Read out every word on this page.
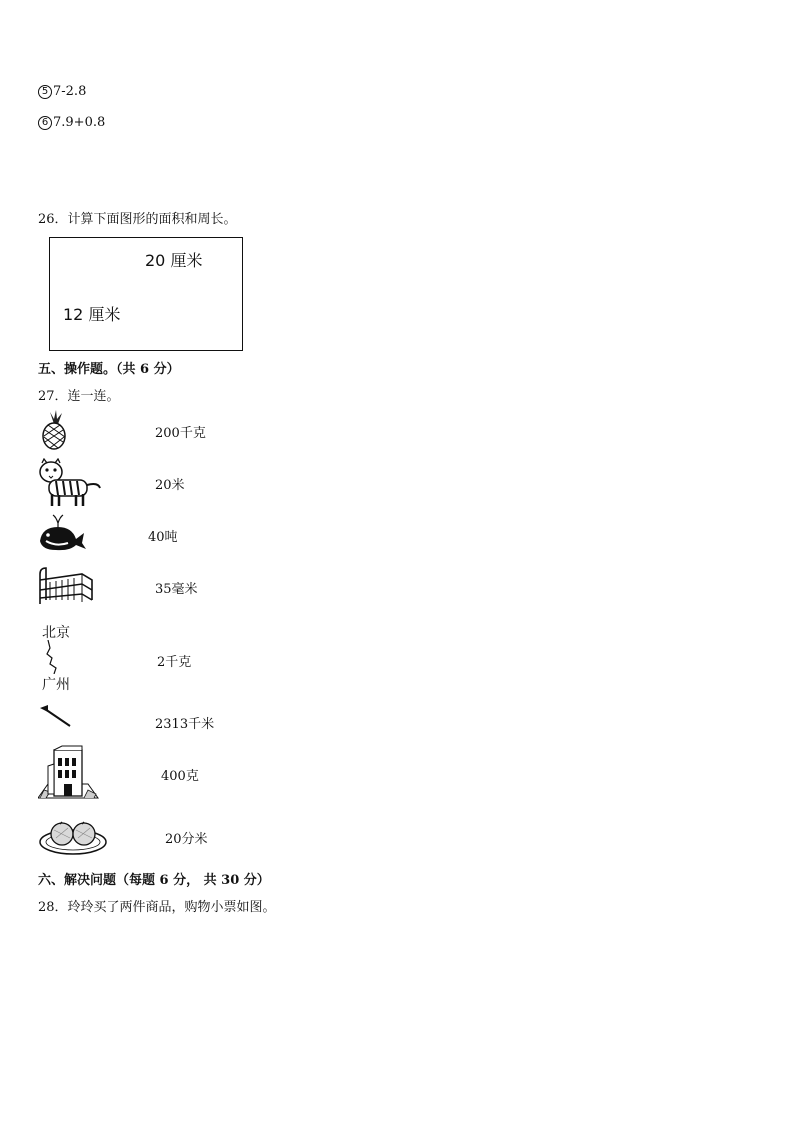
5 7-2.8
6 7.9+0.8
26．计算下面图形的面积和周长。
20 厘米
12 厘米
五、操作题。（共 6 分）
27．连一连。
200千克
20米
40吨
35毫米
北京
广州
2千克
2313千米
400克
20分米
六、解决问题（每题 6 分， 共 30 分）
28．玲玲买了两件商品，购物小票如图。
